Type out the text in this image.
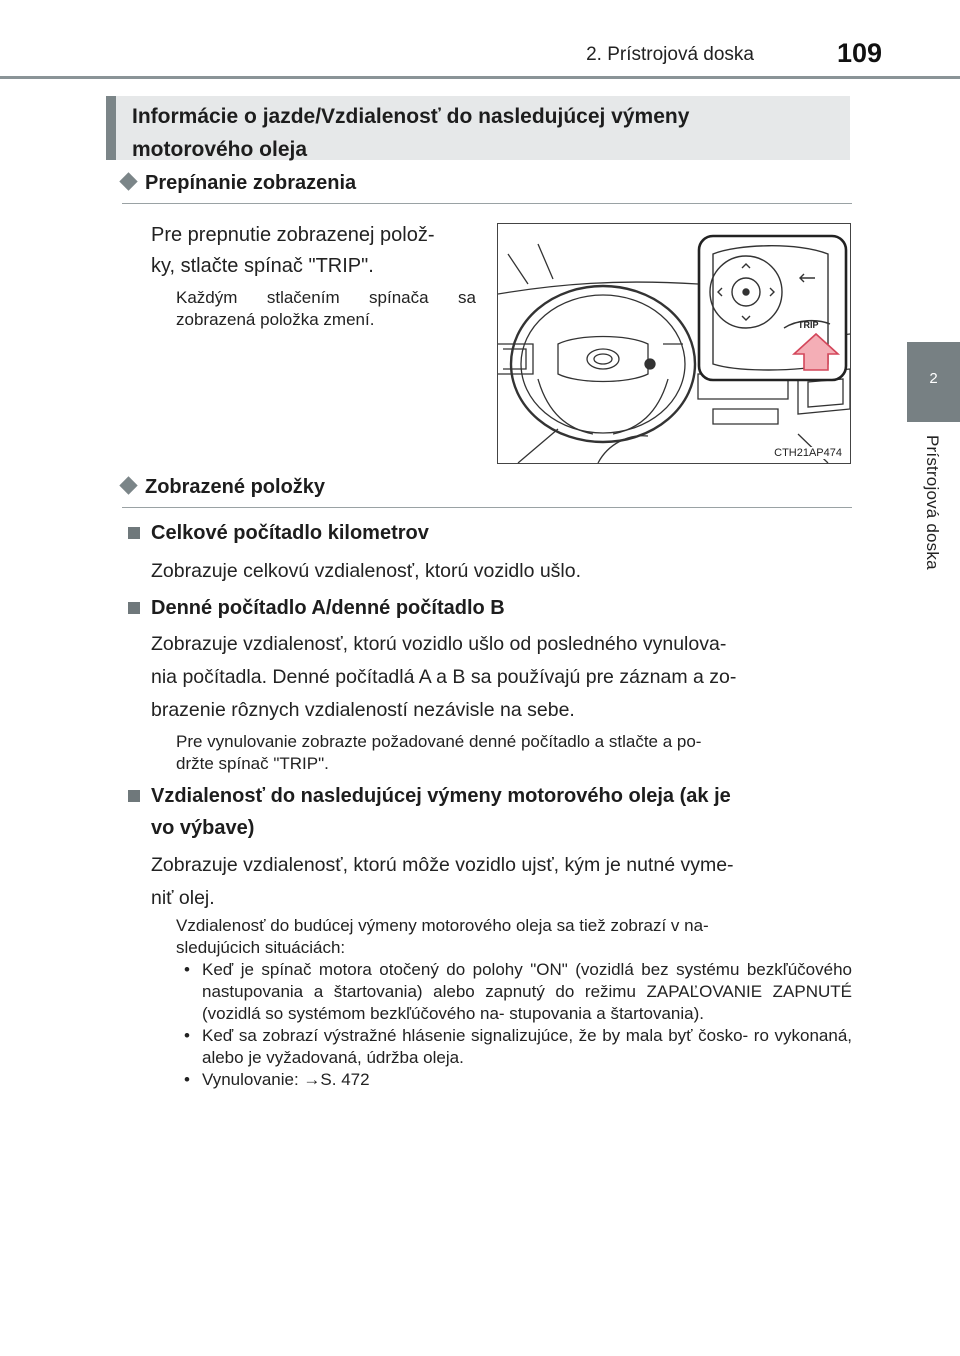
2. Prístrojová doska	109
2
Prístrojová doska
Informácie o jazde/Vzdialenosť do nasledujúcej výmeny
motorového oleja
Prepínanie zobrazenia
Pre prepnutie zobrazenej polož-
ky, stlačte spínač "TRIP".
Každým stlačením spínača sa
zobrazená položka zmení.	TRIP
CTH21AP474
Zobrazené položky
Celkové počítadlo kilometrov
Zobrazuje celkovú vzdialenosť, ktorú vozidlo ušlo.
Denné počítadlo A/denné počítadlo B
Zobrazuje vzdialenosť, ktorú vozidlo ušlo od posledného vynulova-
nia počítadla. Denné počítadlá A a B sa používajú pre záznam a zo-
brazenie rôznych vzdialeností nezávisle na sebe.
Pre vynulovanie zobrazte požadované denné počítadlo a stlačte a po-
držte spínač "TRIP".
Vzdialenosť do nasledujúcej výmeny motorového oleja (ak je
vo výbave)
Zobrazuje vzdialenosť, ktorú môže vozidlo ujsť, kým je nutné vyme-
niť olej.
Vzdialenosť do budúcej výmeny motorového oleja sa tiež zobrazí v na-
sledujúcich situáciách:
• Keď je spínač motora otočený do polohy "ON" (vozidlá bez systému bezkľúčového nastupovania a štartovania) alebo zapnutý do režimu ZAPAĽOVANIE ZAPNUTÉ (vozidlá so systémom bezkľúčového na- stupovania a štartovania).
• Keď sa zobrazí výstražné hlásenie signalizujúce, že by mala byť čosko- ro vykonaná, alebo je vyžadovaná, údržba oleja.
• Vynulovanie: →S. 472
